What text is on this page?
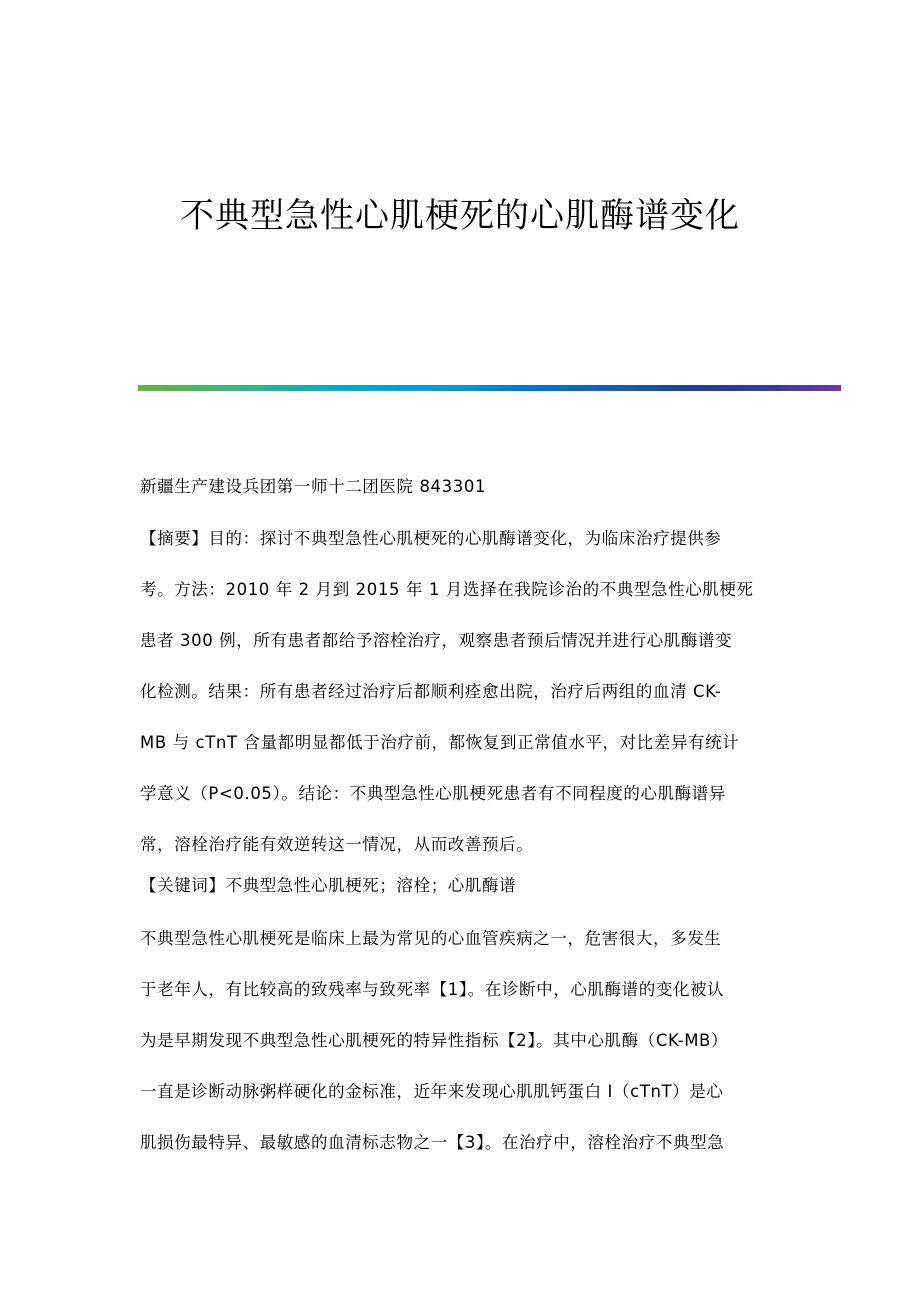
不典型急性心肌梗死的心肌酶谱变化

新疆生产建设兵团第一师十二团医院 843301

【摘要】目的：探讨不典型急性心肌梗死的心肌酶谱变化，为临床治疗提供参
考。方法：2010 年 2 月到 2015 年 1 月选择在我院诊治的不典型急性心肌梗死
患者 300 例，所有患者都给予溶栓治疗，观察患者预后情况并进行心肌酶谱变
化检测。结果：所有患者经过治疗后都顺利痊愈出院，治疗后两组的血清 CK-
MB 与 cTnT 含量都明显都低于治疗前，都恢复到正常值水平，对比差异有统计
学意义（P<0.05）。结论：不典型急性心肌梗死患者有不同程度的心肌酶谱异
常，溶栓治疗能有效逆转这一情况，从而改善预后。

【关键词】不典型急性心肌梗死；溶栓；心肌酶谱

不典型急性心肌梗死是临床上最为常见的心血管疾病之一，危害很大，多发生
于老年人，有比较高的致残率与致死率【1】。在诊断中，心肌酶谱的变化被认
为是早期发现不典型急性心肌梗死的特异性指标【2】。其中心肌酶（CK-MB）
一直是诊断动脉粥样硬化的金标准，近年来发现心肌肌钙蛋白 I（cTnT）是心
肌损伤最特异、最敏感的血清标志物之一【3】。在治疗中，溶栓治疗不典型急
